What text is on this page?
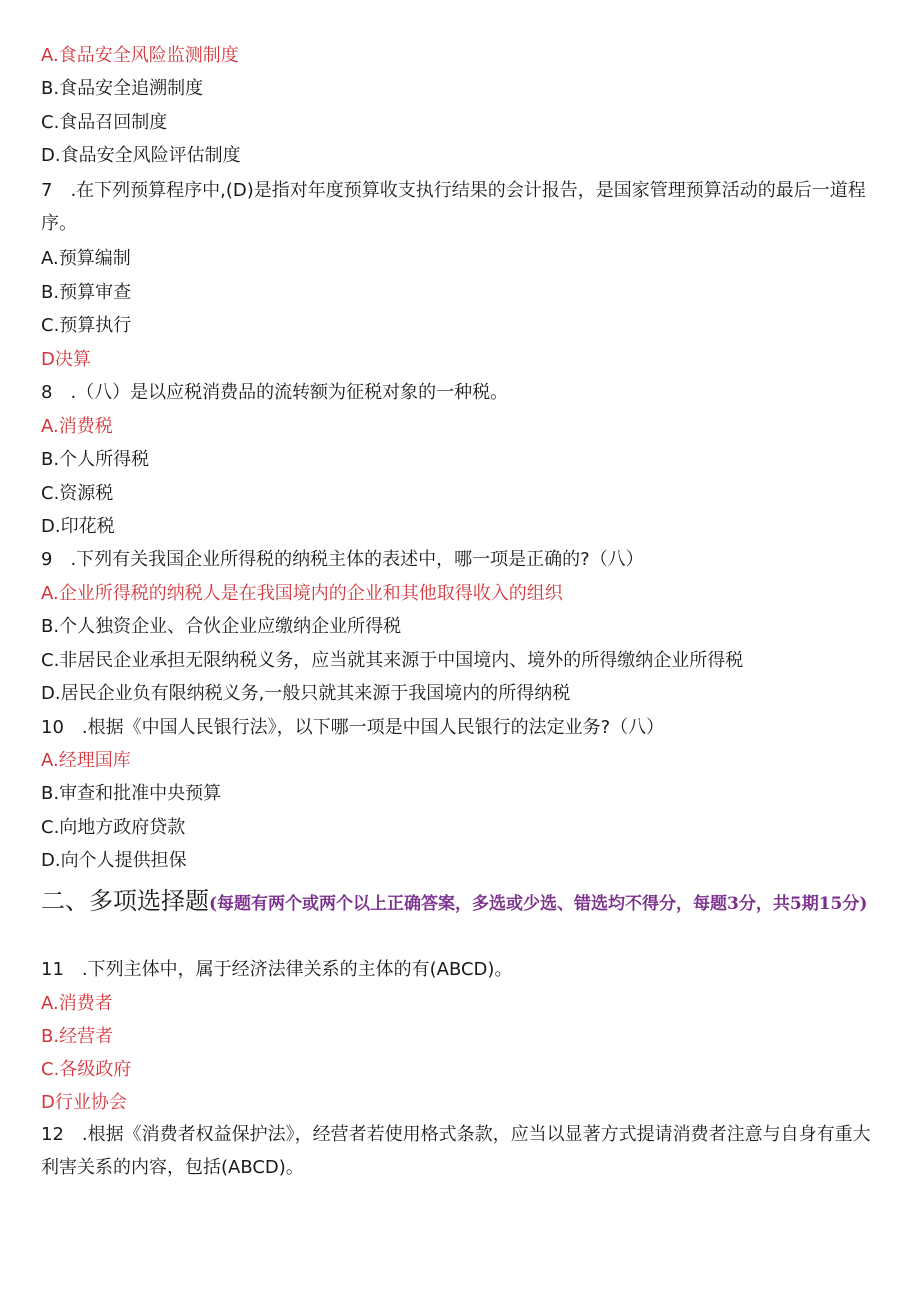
A.食品安全风险监测制度
B.食品安全追溯制度
C.食品召回制度
D.食品安全风险评估制度
7　.在下列预算程序中,(D)是指对年度预算收支执行结果的会计报告，是国家管理预算活动的最后一道程序。
A.预算编制
B.预算审查
C.预算执行
D决算
8　.（八）是以应税消费品的流转额为征税对象的一种税。
A.消费税
B.个人所得税
C.资源税
D.印花税
9　.下列有关我国企业所得税的纳税主体的表述中，哪一项是正确的?（八）
A.企业所得税的纳税人是在我国境内的企业和其他取得收入的组织
B.个人独资企业、合伙企业应缴纳企业所得税
C.非居民企业承担无限纳税义务，应当就其来源于中国境内、境外的所得缴纳企业所得税
D.居民企业负有限纳税义务,一般只就其来源于我国境内的所得纳税
10　.根据《中国人民银行法》，以下哪一项是中国人民银行的法定业务?（八）
A.经理国库
B.审查和批准中央预算
C.向地方政府贷款
D.向个人提供担保
二、多项选择题(每题有两个或两个以上正确答案，多选或少选、错选均不得分，每题3分，共5期15分)
11　.下列主体中，属于经济法律关系的主体的有(ABCD)。
A.消费者
B.经营者
C.各级政府
D行业协会
12　.根据《消费者权益保护法》，经营者若使用格式条款，应当以显著方式提请消费者注意与自身有重大利害关系的内容，包括(ABCD)。
